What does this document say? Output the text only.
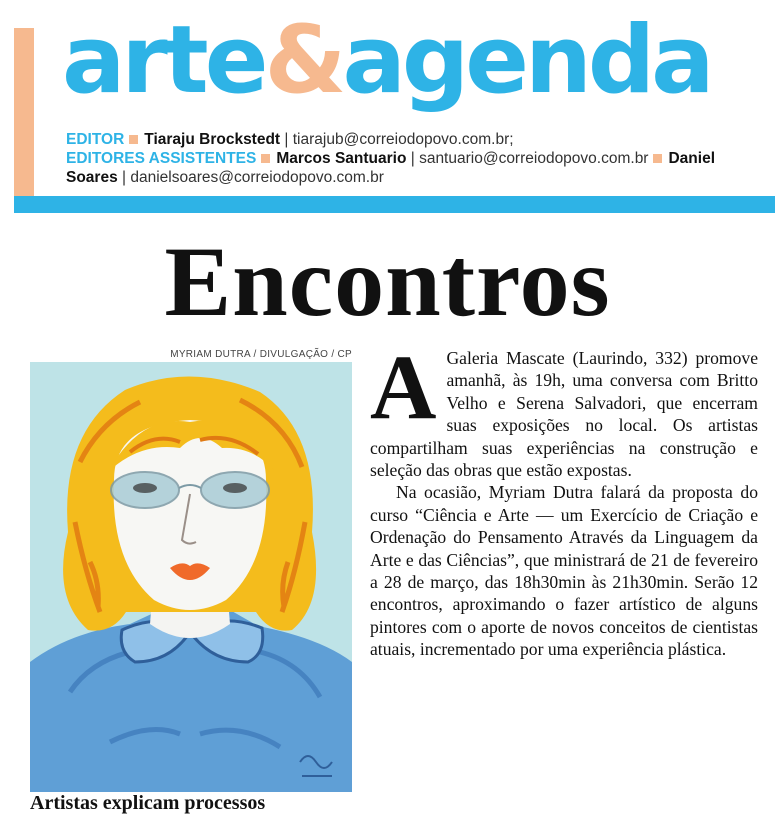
arte&agenda
EDITOR Tiaraju Brockstedt | tiarajub@correiodopovo.com.br;
EDITORES ASSISTENTES Marcos Santuario | santuario@correiodopovo.com.br Daniel Soares | danielsoares@correiodopovo.com.br
Encontros
MYRIAM DUTRA / DIVULGAÇÃO / CP

Artistas explicam processos

A Galeria Mascate (Laurindo, 332) promove amanhã, às 19h, uma conversa com Britto Velho e Serena Salvadori, que encerram suas exposições no local. Os artistas compartilham suas experiências na construção e seleção das obras que estão expostas.

Na ocasião, Myriam Dutra falará da proposta do curso “Ciência e Arte — um Exercício de Criação e Ordenação do Pensamento Através da Linguagem da Arte e das Ciências”, que ministrará de 21 de fevereiro a 28 de março, das 18h30min às 21h30min. Serão 12 encontros, aproximando o fazer artístico de alguns pintores com o aporte de novos conceitos de cientistas atuais, incrementado por uma experiência plástica.
